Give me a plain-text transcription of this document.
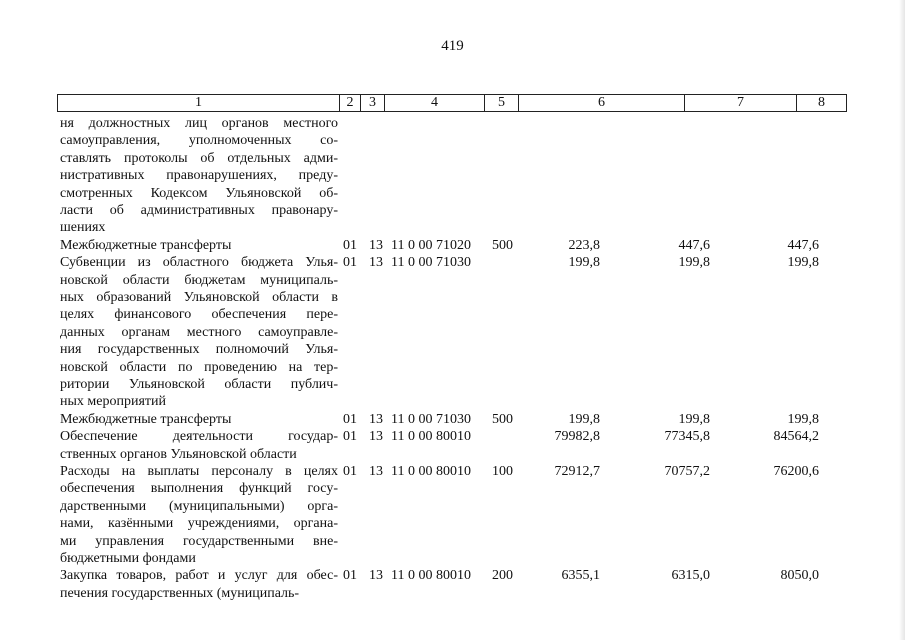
419
1	2	3	4	5	6	7	8
ня должностных лиц органов местного
самоуправления, уполномоченных со-
ставлять протоколы об отдельных адми-
нистративных правонарушениях, преду-
смотренных Кодексом Ульяновской об-
ласти об административных правонару-
шениях
Межбюджетные трансферты	01 13 11 0 00 71020 500	223,8	447,6	447,6
Субвенции из областного бюджета Улья-
новской области бюджетам муниципаль-
ных образований Ульяновской области в
целях финансового обеспечения пере-
данных органам местного самоуправле-
ния государственных полномочий Улья-
новской области по проведению на тер-
ритории Ульяновской области публич-
ных мероприятий
01 13 11 0 00 71030	199,8	199,8	199,8
Межбюджетные трансферты	01 13 11 0 00 71030 500	199,8	199,8	199,8
Обеспечение деятельности государ-
ственных органов Ульяновской области
01 13 11 0 00 80010	79982,8	77345,8	84564,2
Расходы на выплаты персоналу в целях
обеспечения выполнения функций госу-
дарственными (муниципальными) орга-
нами, казёнными учреждениями, органа-
ми управления государственными вне-
бюджетными фондами
01 13 11 0 00 80010 100	72912,7	70757,2	76200,6
Закупка товаров, работ и услуг для обес-
печения государственных (муниципаль-
01 13 11 0 00 80010 200	6355,1	6315,0	8050,0
